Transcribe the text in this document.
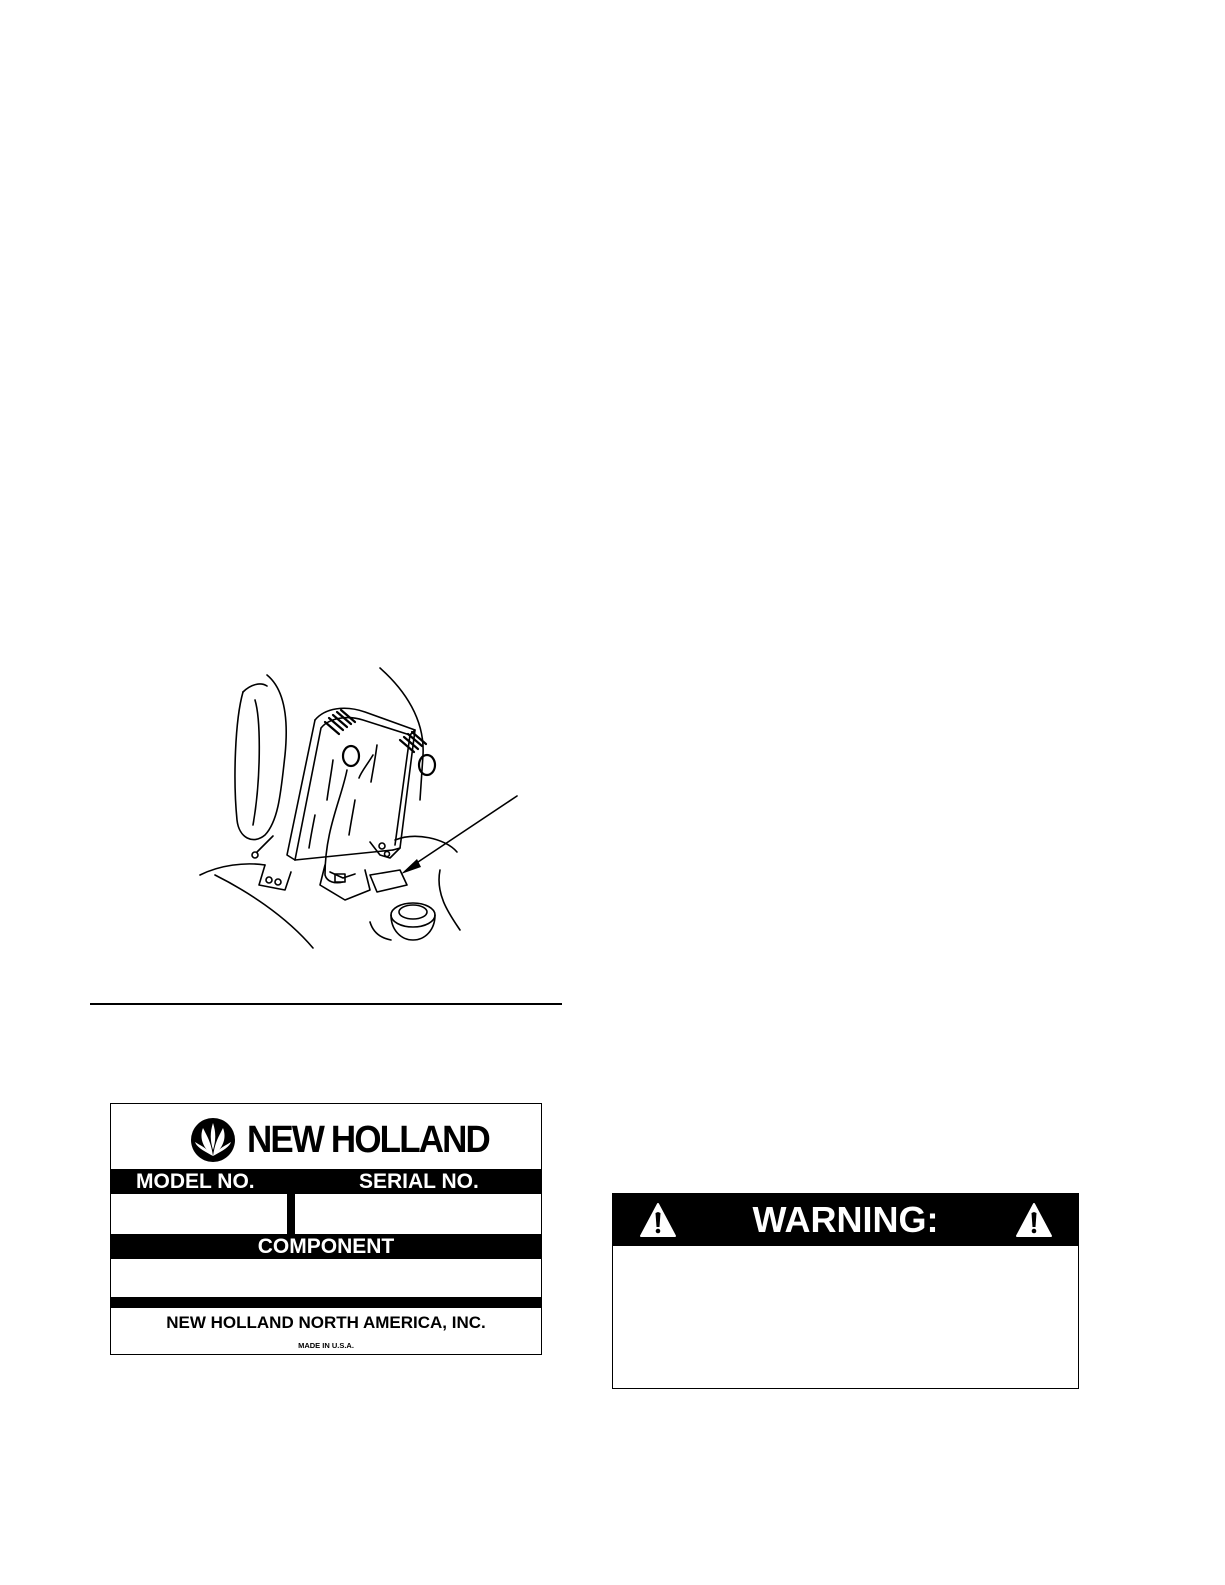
NEW HOLLAND
MODEL NO.	SERIAL NO.
COMPONENT
NEW HOLLAND NORTH AMERICA, INC.
MADE IN U.S.A.
WARNING:
